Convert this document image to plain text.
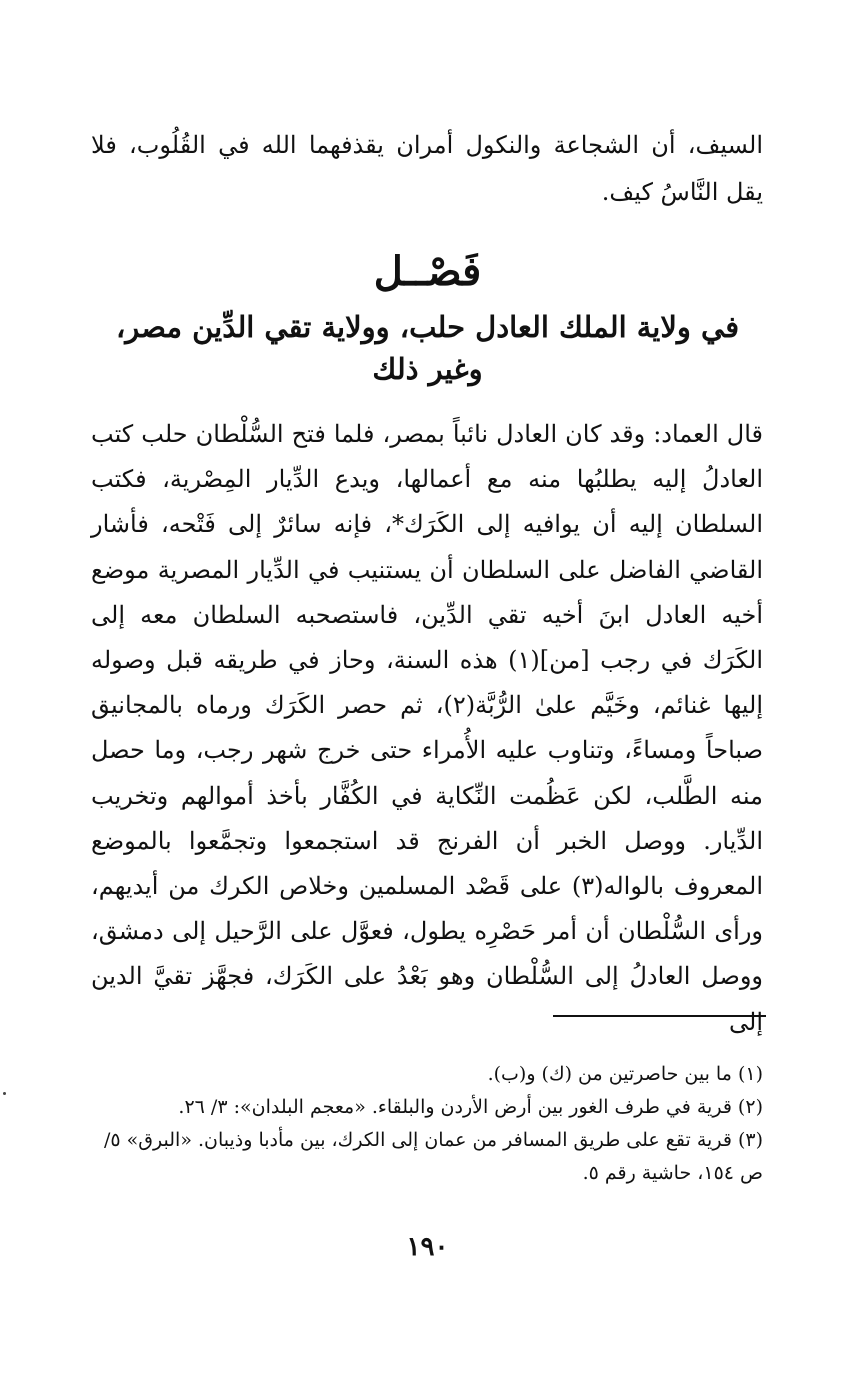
السيف، أن الشجاعة والنكول أمران يقذفهما الله في القُلُوب، فلا يقل النَّاسُ كيف.

فَصْــل
في ولاية الملك العادل حلب، وولاية تقي الدِّين مصر، وغير ذلك

قال العماد: وقد كان العادل نائباً بمصر، فلما فتح السُّلْطان حلب كتب العادلُ إليه يطلبُها منه مع أعمالها، ويدع الدِّيار المِصْرية، فكتب السلطان إليه أن يوافيه إلى الكَرَك*، فإنه سائرٌ إلى فَتْحه، فأشار القاضي الفاضل على السلطان أن يستنيب في الدِّيار المصرية موضع أخيه العادل ابنَ أخيه تقي الدِّين، فاستصحبه السلطان معه إلى الكَرَك في رجب [من](١) هذه السنة، وحاز في طريقه قبل وصوله إليها غنائم، وخَيَّم علىٰ الرُّبَّة(٢)، ثم حصر الكَرَك ورماه بالمجانيق صباحاً ومساءً، وتناوب عليه الأُمراء حتى خرج شهر رجب، وما حصل منه الطَّلب، لكن عَظُمت النِّكاية في الكُفَّار بأخذ أموالهم وتخريب الدِّيار. ووصل الخبر أن الفرنج قد استجمعوا وتجمَّعوا بالموضع المعروف بالواله(٣) على قَصْد المسلمين وخلاص الكرك من أيديهم، ورأى السُّلْطان أن أمر حَصْرِه يطول، فعوَّل على الرَّحيل إلى دمشق، ووصل العادلُ إلى السُّلْطان وهو بَعْدُ على الكَرَك، فجهَّز تقيَّ الدين إلى

(١) ما بين حاصرتين من (ك) و(ب).

(٢) قرية في طرف الغور بين أرض الأردن والبلقاء. «معجم البلدان»: ٣/ ٢٦.

(٣) قرية تقع على طريق المسافر من عمان إلى الكرك، بين مأدبا وذيبان. «البرق» ٥/ص ١٥٤، حاشية رقم ٥.

١٩٠
